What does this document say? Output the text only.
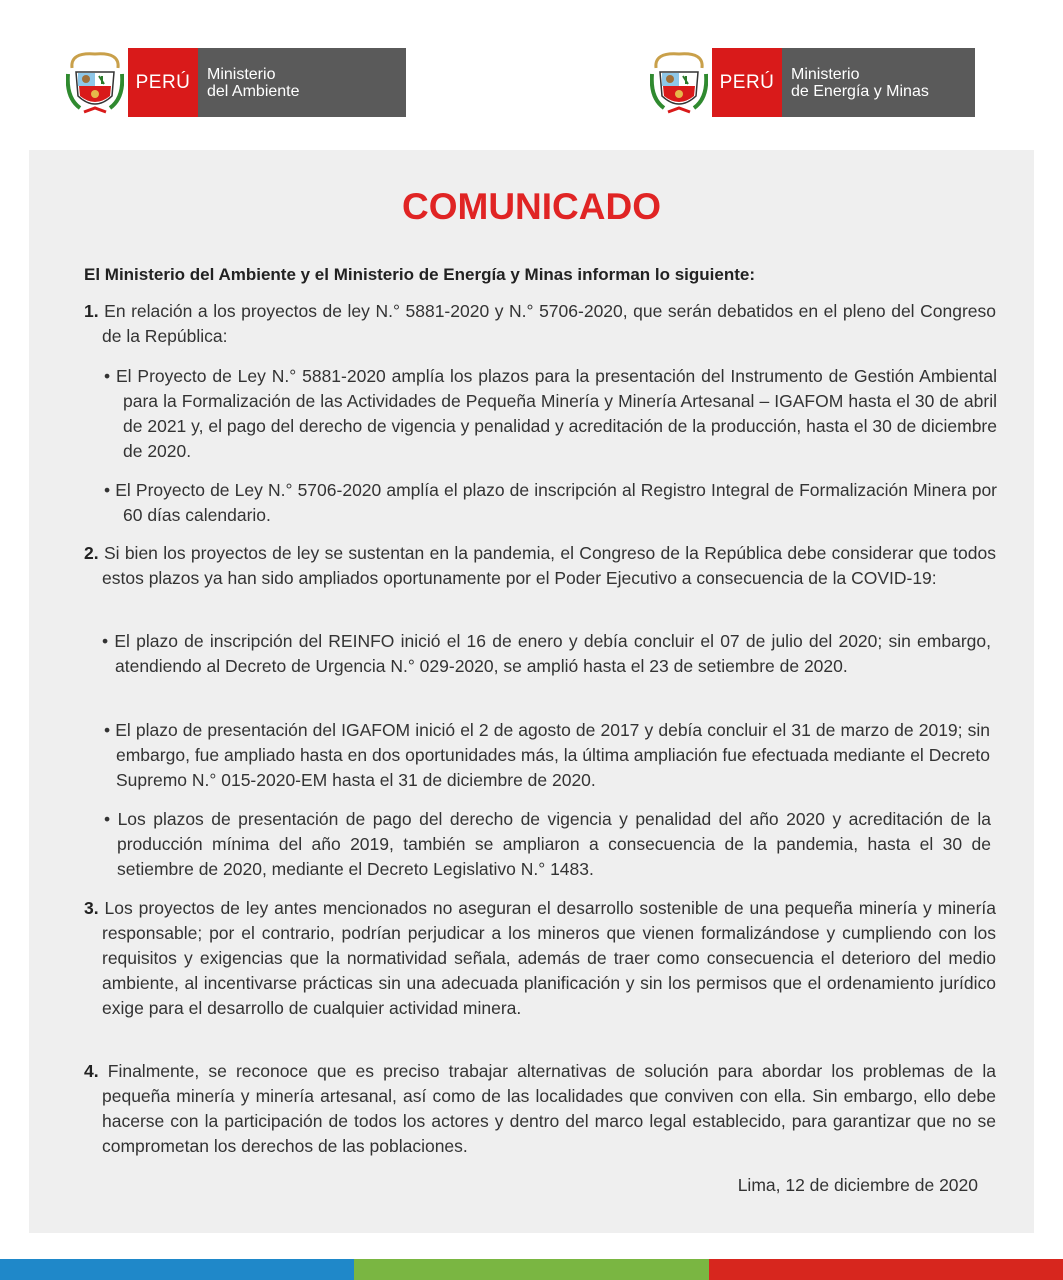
PERÚ	Ministerio
del Ambiente	PERÚ	Ministerio
de Energía y Minas
COMUNICADO
El Ministerio del Ambiente y el Ministerio de Energía y Minas informan lo siguiente:
1. En relación a los proyectos de ley N.° 5881-2020 y N.° 5706-2020, que serán debatidos en el pleno del Congreso de la República:
• El Proyecto de Ley N.° 5881-2020 amplía los plazos para la presentación del Instrumento de Gestión Ambiental para la Formalización de las Actividades de Pequeña Minería y Minería Artesanal – IGAFOM hasta el 30 de abril de 2021 y, el pago del derecho de vigencia y penalidad y acreditación de la producción, hasta el 30 de diciembre de 2020.
• El Proyecto de Ley N.° 5706-2020 amplía el plazo de inscripción al Registro Integral de Formalización Minera por 60 días calendario.
2. Si bien los proyectos de ley se sustentan en la pandemia, el Congreso de la República debe considerar que todos estos plazos ya han sido ampliados oportunamente por el Poder Ejecutivo a consecuencia de la COVID-19:
• El plazo de inscripción del REINFO inició el 16 de enero y debía concluir el 07 de julio del 2020; sin embargo, atendiendo al Decreto de Urgencia N.° 029-2020, se amplió hasta el 23 de setiembre de 2020.
• El plazo de presentación del IGAFOM inició el 2 de agosto de 2017 y debía concluir el 31 de marzo de 2019; sin embargo, fue ampliado hasta en dos oportunidades más, la última ampliación fue efectuada mediante el Decreto Supremo N.° 015-2020-EM hasta el 31 de diciembre de 2020.
• Los plazos de presentación de pago del derecho de vigencia y penalidad del año 2020 y acreditación de la producción mínima del año 2019, también se ampliaron a consecuencia de la pandemia, hasta el 30 de setiembre de 2020, mediante el Decreto Legislativo N.° 1483.
3. Los proyectos de ley antes mencionados no aseguran el desarrollo sostenible de una pequeña minería y minería responsable; por el contrario, podrían perjudicar a los mineros que vienen formalizándose y cumpliendo con los requisitos y exigencias que la normatividad señala, además de traer como consecuencia el deterioro del medio ambiente, al incentivarse prácticas sin una adecuada planificación y sin los permisos que el ordenamiento jurídico exige para el desarrollo de cualquier actividad minera.
4. Finalmente, se reconoce que es preciso trabajar alternativas de solución para abordar los problemas de la pequeña minería y minería artesanal, así como de las localidades que conviven con ella. Sin embargo, ello debe hacerse con la participación de todos los actores y dentro del marco legal establecido, para garantizar que no se comprometan los derechos de las poblaciones.
Lima, 12 de diciembre de 2020
